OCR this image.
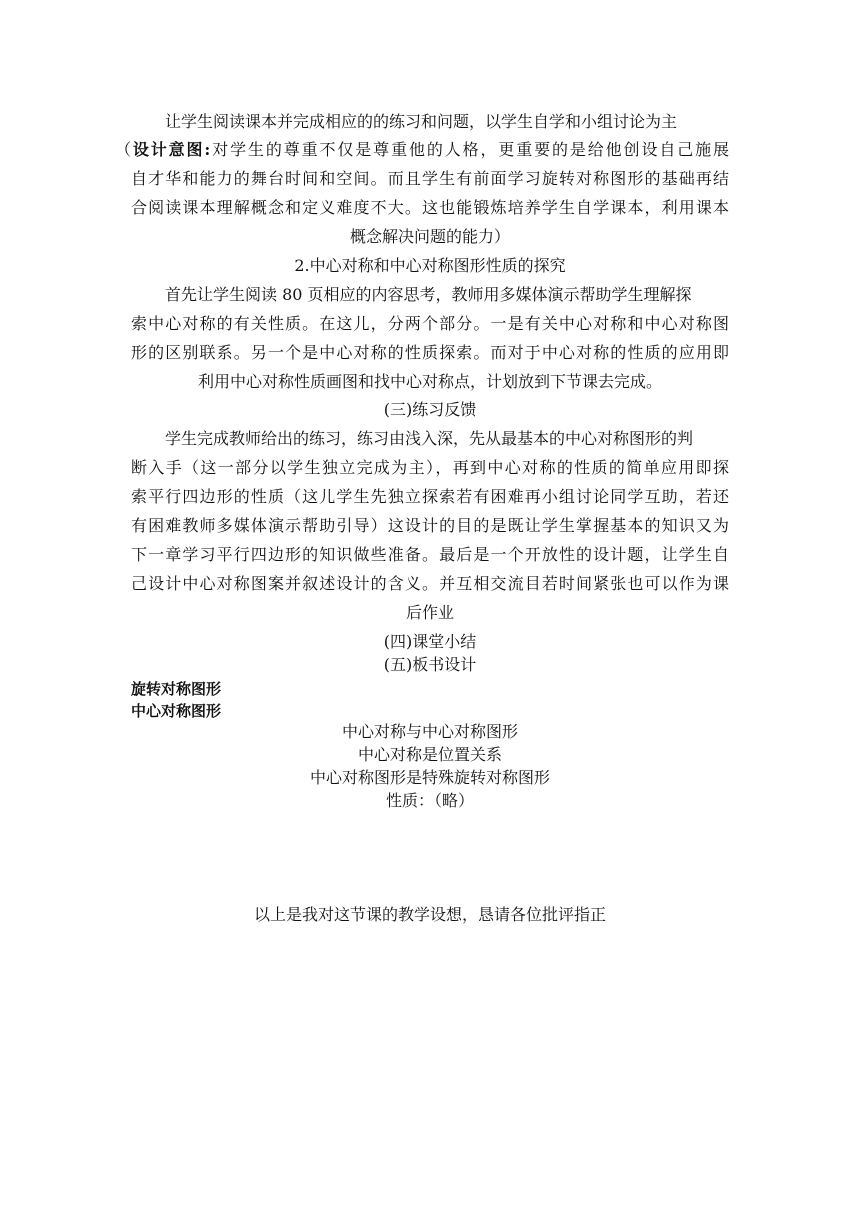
让学生阅读课本并完成相应的的练习和问题，以学生自学和小组讨论为主
（设计意图:对学生的尊重不仅是尊重他的人格，更重要的是给他创设自己施展
自才华和能力的舞台时间和空间。而且学生有前面学习旋转对称图形的基础再结
合阅读课本理解概念和定义难度不大。这也能锻炼培养学生自学课本，利用课本
概念解决问题的能力）
2.中心对称和中心对称图形性质的探究
首先让学生阅读 80 页相应的内容思考，教师用多媒体演示帮助学生理解探
索中心对称的有关性质。在这儿，分两个部分。一是有关中心对称和中心对称图
形的区别联系。另一个是中心对称的性质探索。而对于中心对称的性质的应用即
利用中心对称性质画图和找中心对称点，计划放到下节课去完成。
(三)练习反馈
学生完成教师给出的练习，练习由浅入深，先从最基本的中心对称图形的判
断入手（这一部分以学生独立完成为主），再到中心对称的性质的简单应用即探
索平行四边形的性质（这儿学生先独立探索若有困难再小组讨论同学互助，若还
有困难教师多媒体演示帮助引导）这设计的目的是既让学生掌握基本的知识又为
下一章学习平行四边形的知识做些准备。最后是一个开放性的设计题，让学生自
己设计中心对称图案并叙述设计的含义。并互相交流目若时间紧张也可以作为课
后作业
(四)课堂小结
(五)板书设计
旋转对称图形
中心对称图形
中心对称与中心对称图形
中心对称是位置关系
中心对称图形是特殊旋转对称图形
性质：（略）
以上是我对这节课的教学设想，恳请各位批评指正
